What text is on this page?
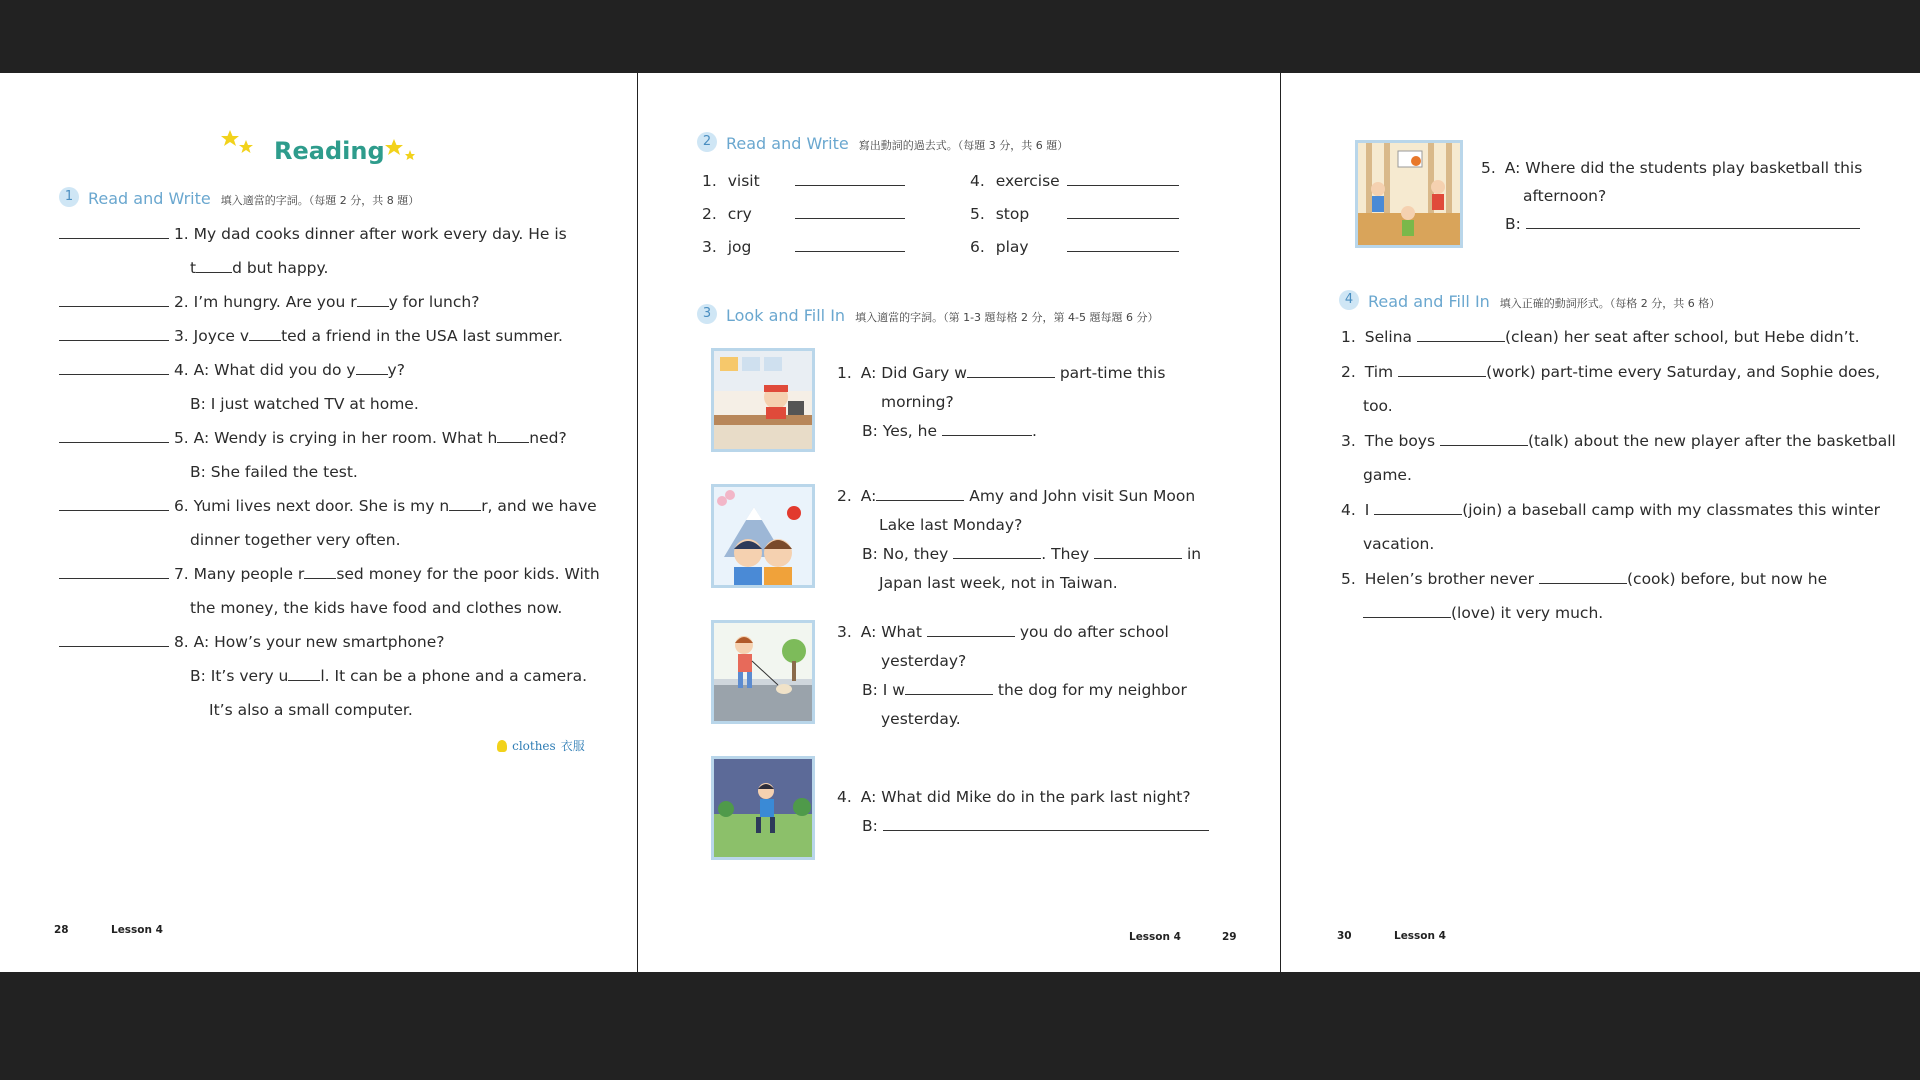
Reading
1 Read and Write 填入適當的字詞。（每題 2 分，共 8 題）
1. My dad cooks dinner after work every day. He is
t d but happy.
2. I’m hungry. Are you r y for lunch?
3. Joyce v ted a friend in the USA last summer.
4. A: What did you do y y?
B: I just watched TV at home.
5. A: Wendy is crying in her room. What h ned?
B: She failed the test.
6. Yumi lives next door. She is my n r, and we have
dinner together very often.
7. Many people r sed money for the poor kids. With
the money, the kids have food and clothes now.
8. A: How’s your new smartphone?
B: It’s very u l. It can be a phone and a camera.
It’s also a small computer.
clothes 衣服
28	Lesson 4
2 Read and Write 寫出動詞的過去式。（每題 3 分，共 6 題）
1. visit
2. cry
3. jog
4. exercise
5. stop
6. play
3 Look and Fill In 填入適當的字詞。（第 1-3 題每格 2 分，第 4-5 題每題 6 分）
1. A: Did Gary w	part-time this
morning?
B: Yes, he	.
2. A:	Amy and John visit Sun Moon
Lake last Monday?
B: No, they	. They	in
Japan last week, not in Taiwan.
3. A: What	you do after school
yesterday?
B: I w	the dog for my neighbor
yesterday.
4. A: What did Mike do in the park last night?
B:
Lesson 4	29
5. A: Where did the students play basketball this
afternoon?
B:
4 Read and Fill In 填入正確的動詞形式。（每格 2 分，共 6 格）
1. Selina	(clean) her seat after school, but Hebe didn’t.
2. Tim	(work) part-time every Saturday, and Sophie does,
too.
3. The boys	(talk) about the new player after the basketball
game.
4. I	(join) a baseball camp with my classmates this winter
vacation.
5. Helen’s brother never	(cook) before, but now he
(love) it very much.
30	Lesson 4
